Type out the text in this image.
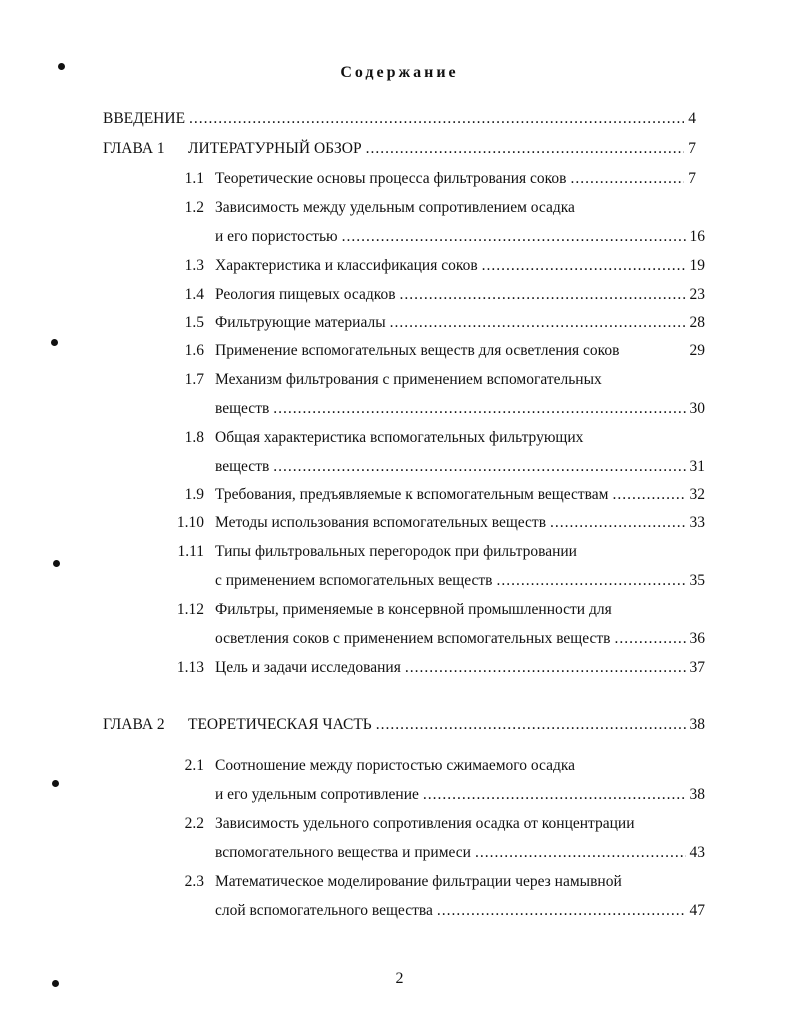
Содержание
ВВЕДЕНИЕ .....	4
ГЛАВА 1 ЛИТЕРАТУРНЫЙ ОБЗОР .....	7
1.1 Теоретические основы процесса фильтрования соков .....	7
1.2 Зависимость между удельным сопротивлением осадка
и его пористостью .....	16
1.3 Характеристика и классификация соков .....	19
1.4 Реология пищевых осадков .....	23
1.5 Фильтрующие материалы .....	28
1.6 Применение вспомогательных веществ для осветления соков	29
1.7 Механизм фильтрования с применением вспомогательных
веществ .....	30
1.8 Общая характеристика вспомогательных фильтрующих
веществ .....	31
1.9 Требования, предъявляемые к вспомогательным веществам .....	32
1.10 Методы использования вспомогательных веществ .....	33
1.11 Типы фильтровальных перегородок при фильтровании
с применением вспомогательных веществ .....	35
1.12 Фильтры, применяемые в консервной промышленности для
осветления соков с применением вспомогательных веществ .....	36
1.13 Цель и задачи исследования .....	37
ГЛАВА 2 ТЕОРЕТИЧЕСКАЯ ЧАСТЬ .....	38
2.1 Соотношение между пористостью сжимаемого осадка
и его удельным сопротивление .....	38
2.2 Зависимость удельного сопротивления осадка от концентрации
вспомогательного вещества и примеси .....	43
2.3 Математическое моделирование фильтрации через намывной
слой вспомогательного вещества .....	47
2
